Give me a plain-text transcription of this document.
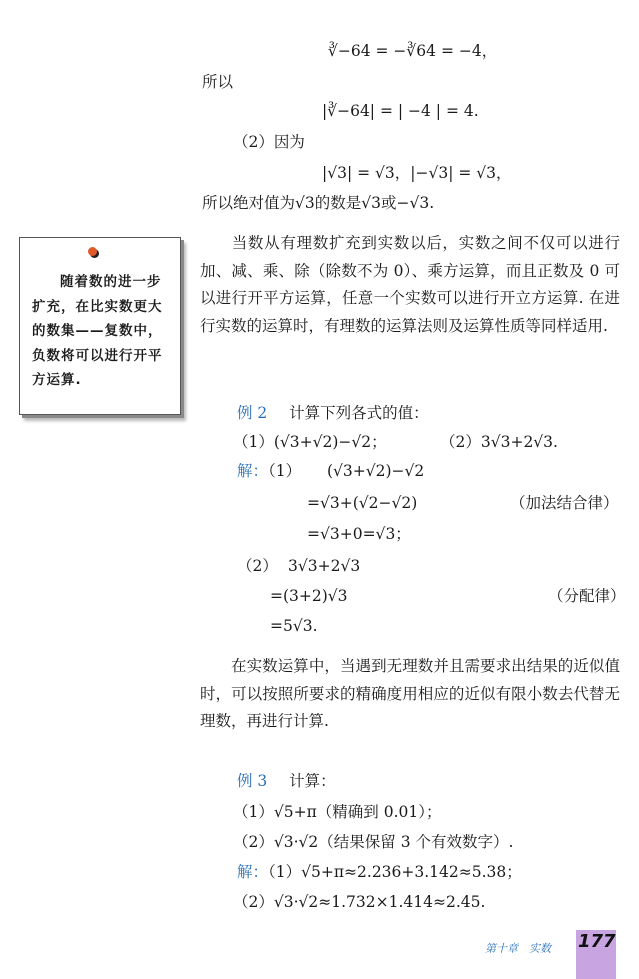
∛−64 = −∛64 = −4，
所以
|∛−64| = | −4 | = 4.
（2）因为
|√3| = √3，|−√3| = √3，
所以绝对值为√3的数是√3或−√3.
随着数的进一步扩充，在比实数更大的数集——复数中，负数将可以进行开平方运算.
当数从有理数扩充到实数以后，实数之间不仅可以进行加、减、乘、除（除数不为 0）、乘方运算，而且正数及 0 可以进行开平方运算，任意一个实数可以进行开立方运算. 在进行实数的运算时，有理数的运算法则及运算性质等同样适用.
例 2 计算下列各式的值：
（1）(√3+√2)−√2；	（2）3√3+2√3.
解：（1） (√3+√2)−√2
=√3+(√2−√2)	（加法结合律）
=√3+0=√3；
（2） 3√3+2√3
=(3+2)√3	（分配律）
=5√3.
在实数运算中，当遇到无理数并且需要求出结果的近似值时，可以按照所要求的精确度用相应的近似有限小数去代替无理数，再进行计算.
例 3 计算：
（1）√5+π（精确到 0.01）；
（2）√3·√2（结果保留 3 个有效数字）.
解：（1）√5+π≈2.236+3.142≈5.38；
（2）√3·√2≈1.732×1.414≈2.45.
第十章　实数 177
